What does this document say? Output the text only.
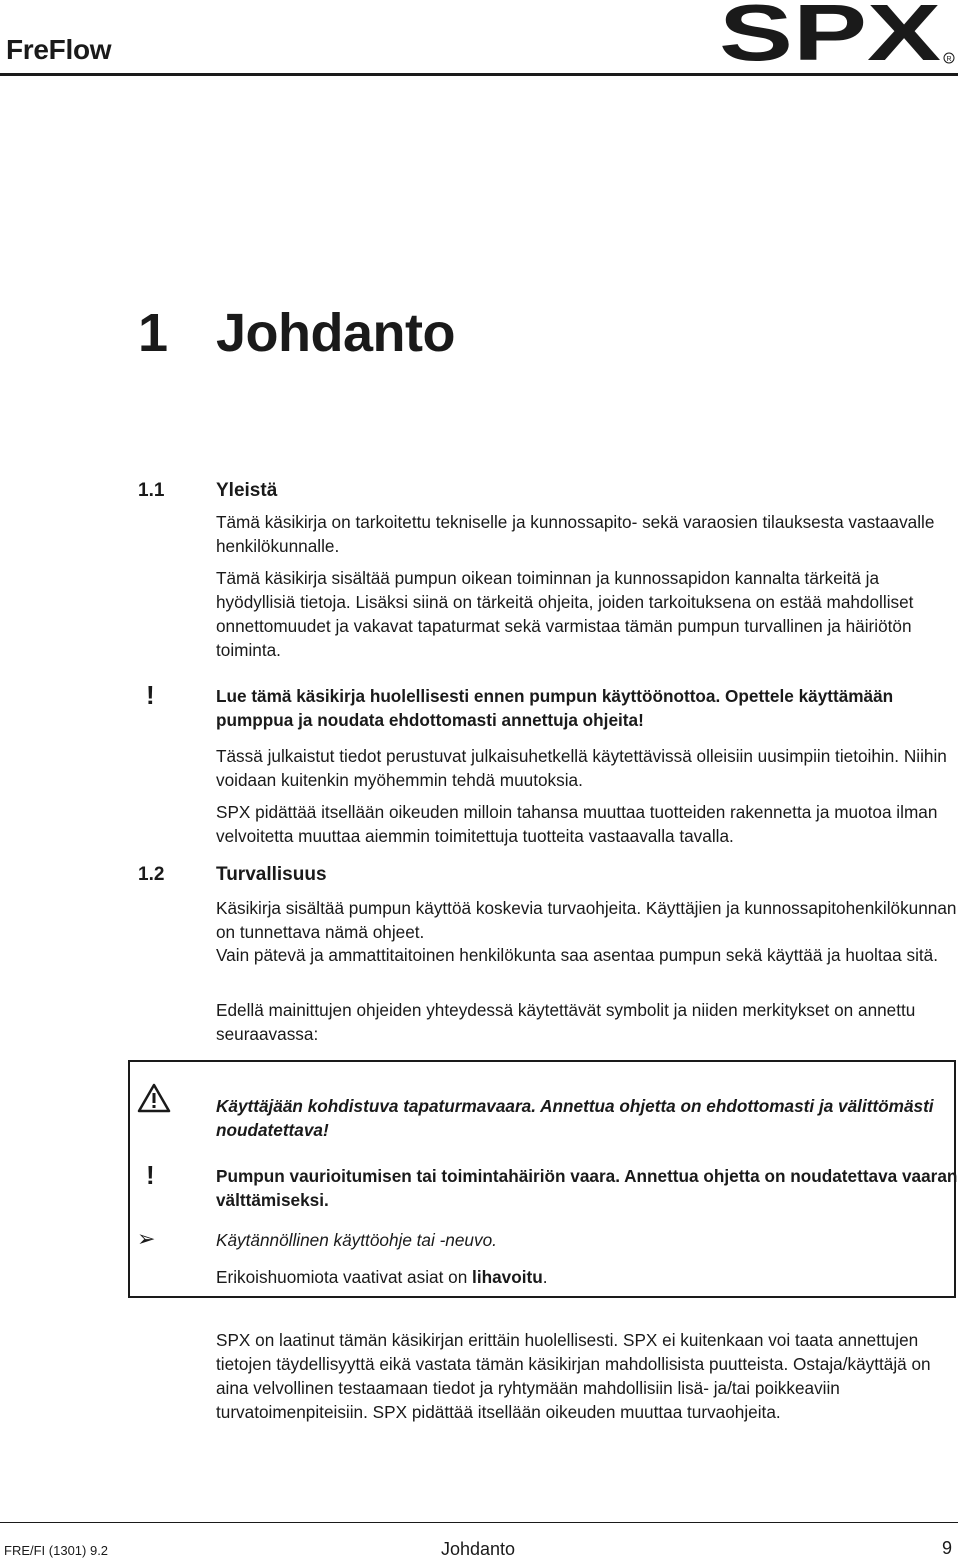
FreFlow	SPX R
1 Johdanto
1.1	Yleistä
Tämä käsikirja on tarkoitettu tekniselle ja kunnossapito- sekä varaosien tilauksesta vastaavalle henkilökunnalle.
Tämä käsikirja sisältää pumpun oikean toiminnan ja kunnossapidon kannalta tärkeitä ja hyödyllisiä tietoja. Lisäksi siinä on tärkeitä ohjeita, joiden tarkoituksena on estää mahdolliset onnettomuudet ja vakavat tapaturmat sekä varmistaa tämän pumpun turvallinen ja häiriötön toiminta.
!	Lue tämä käsikirja huolellisesti ennen pumpun käyttöönottoa. Opettele käyttämään pumppua ja noudata ehdottomasti annettuja ohjeita!
Tässä julkaistut tiedot perustuvat julkaisuhetkellä käytettävissä olleisiin uusimpiin tietoihin. Niihin voidaan kuitenkin myöhemmin tehdä muutoksia.
SPX pidättää itsellään oikeuden milloin tahansa muuttaa tuotteiden rakennetta ja muotoa ilman velvoitetta muuttaa aiemmin toimitettuja tuotteita vastaavalla tavalla.
1.2	Turvallisuus
Käsikirja sisältää pumpun käyttöä koskevia turvaohjeita. Käyttäjien ja kunnossapitohenkilökunnan on tunnettava nämä ohjeet.
Vain pätevä ja ammattitaitoinen henkilökunta saa asentaa pumpun sekä käyttää ja huoltaa sitä.
Edellä mainittujen ohjeiden yhteydessä käytettävät symbolit ja niiden merkitykset on annettu seuraavassa:
Käyttäjään kohdistuva tapaturmavaara. Annettua ohjetta on ehdottomasti ja välittömästi noudatettava!
!	Pumpun vaurioitumisen tai toimintahäiriön vaara. Annettua ohjetta on noudatettava vaaran välttämiseksi.
➢	Käytännöllinen käyttöohje tai -neuvo.
Erikoishuomiota vaativat asiat on lihavoitu.
SPX on laatinut tämän käsikirjan erittäin huolellisesti. SPX ei kuitenkaan voi taata annettujen tietojen täydellisyyttä eikä vastata tämän käsikirjan mahdollisista puutteista. Ostaja/käyttäjä on aina velvollinen testaamaan tiedot ja ryhtymään mahdollisiin lisä- ja/tai poikkeaviin turvatoimenpiteisiin. SPX pidättää itsellään oikeuden muuttaa turvaohjeita.
FRE/FI (1301) 9.2	Johdanto	9
